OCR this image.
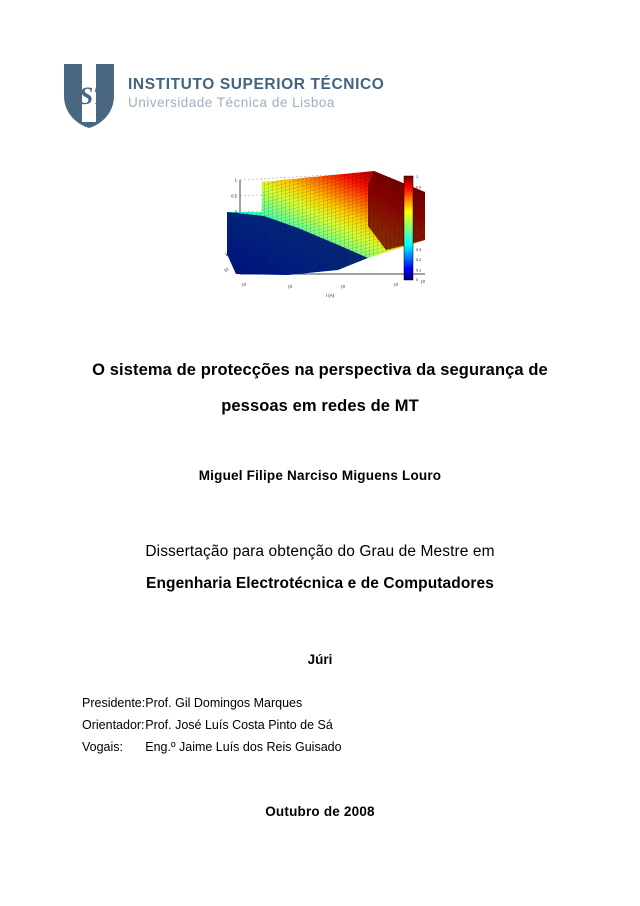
IST INSTITUTO SUPERIOR TÉCNICO
Universidade Técnica de Lisboa
1
0.5
0
10
10
10
10
10	10	10	10
10
I (A)
1
0.9
0.8
0.7
0.6
0.5
0.4
0.3
0.2
0.1
0
O sistema de protecções na perspectiva da segurança de
pessoas em redes de MT
Miguel Filipe Narciso Miguens Louro
Dissertação para obtenção do Grau de Mestre em
Engenharia Electrotécnica e de Computadores
Júri
Presidente:	Prof. Gil Domingos Marques
Orientador:	Prof. José Luís Costa Pinto de Sá
Vogais:	Eng.º Jaime Luís dos Reis Guisado
Outubro de 2008
